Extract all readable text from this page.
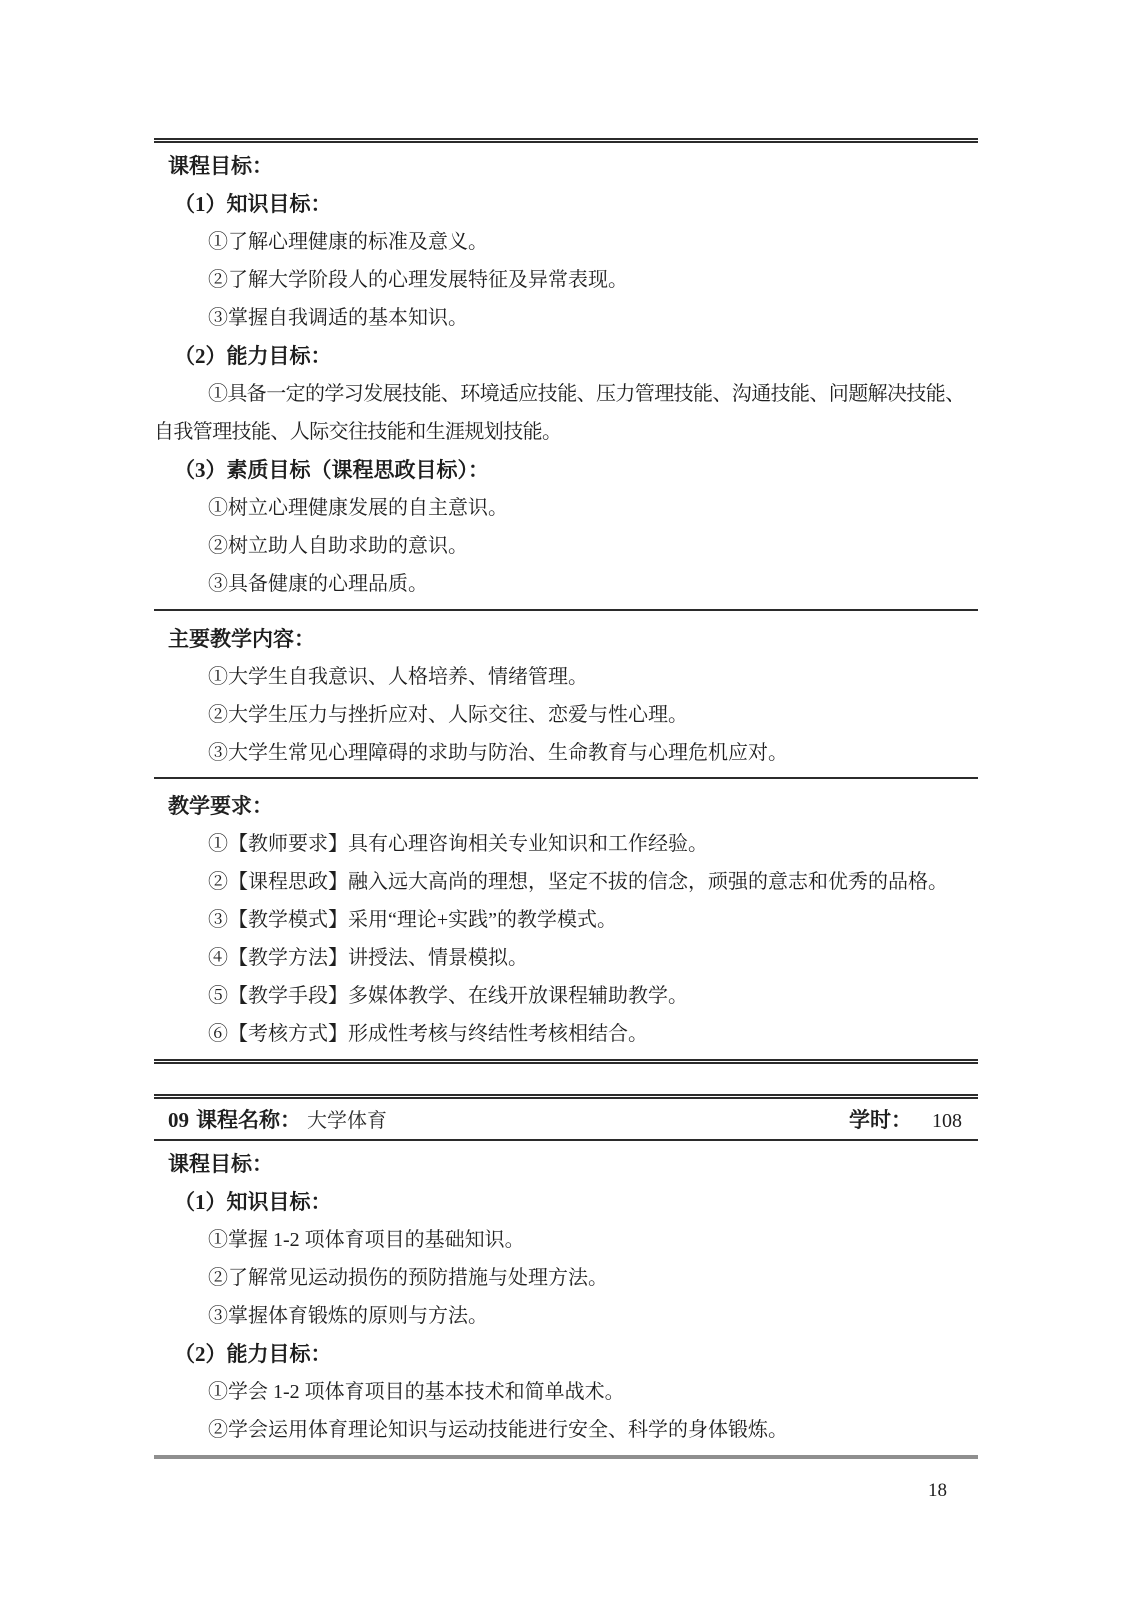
课程目标：

（1）知识目标：

①了解心理健康的标准及意义。

②了解大学阶段人的心理发展特征及异常表现。

③掌握自我调适的基本知识。

（2）能力目标：

①具备一定的学习发展技能、环境适应技能、压力管理技能、沟通技能、问题解决技能、自我管理技能、人际交往技能和生涯规划技能。

（3）素质目标（课程思政目标）：

①树立心理健康发展的自主意识。

②树立助人自助求助的意识。

③具备健康的心理品质。

主要教学内容：

①大学生自我意识、人格培养、情绪管理。

②大学生压力与挫折应对、人际交往、恋爱与性心理。

③大学生常见心理障碍的求助与防治、生命教育与心理危机应对。

教学要求：

①【教师要求】具有心理咨询相关专业知识和工作经验。

②【课程思政】融入远大高尚的理想，坚定不拔的信念，顽强的意志和优秀的品格。

③【教学模式】采用“理论+实践”的教学模式。

④【教学方法】讲授法、情景模拟。

⑤【教学手段】多媒体教学、在线开放课程辅助教学。

⑥【考核方式】形成性考核与终结性考核相结合。

09 课程名称： 大学体育	学时： 108

课程目标：

（1）知识目标：

①掌握 1-2 项体育项目的基础知识。

②了解常见运动损伤的预防措施与处理方法。

③掌握体育锻炼的原则与方法。

（2）能力目标：

①学会 1-2 项体育项目的基本技术和简单战术。

②学会运用体育理论知识与运动技能进行安全、科学的身体锻炼。

18
